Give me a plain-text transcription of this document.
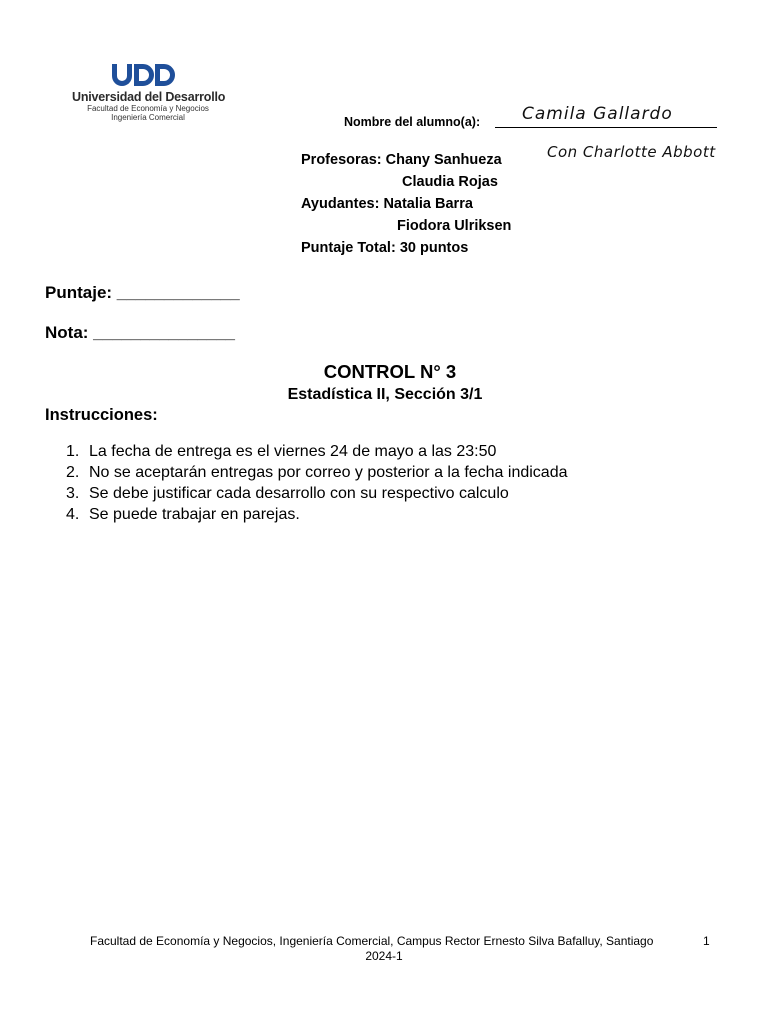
Universidad del Desarrollo
Facultad de Economía y Negocios
Ingeniería Comercial	Nombre del alumno(a): Camila Gallardo
Con Charlotte Abbott
Profesoras: Chany Sanhueza
Claudia Rojas
Ayudantes: Natalia Barra
Fiodora Ulriksen
Puntaje Total: 30 puntos
Puntaje: _____________
Nota: _______________
CONTROL N° 3
Estadística II, Sección 3/1
Instrucciones:
1. La fecha de entrega es el viernes 24 de mayo a las 23:50
2. No se aceptarán entregas por correo y posterior a la fecha indicada
3. Se debe justificar cada desarrollo con su respectivo calculo
4. Se puede trabajar en parejas.
Facultad de Economía y Negocios, Ingeniería Comercial, Campus Rector Ernesto Silva Bafalluy, Santiago	1
2024-1
